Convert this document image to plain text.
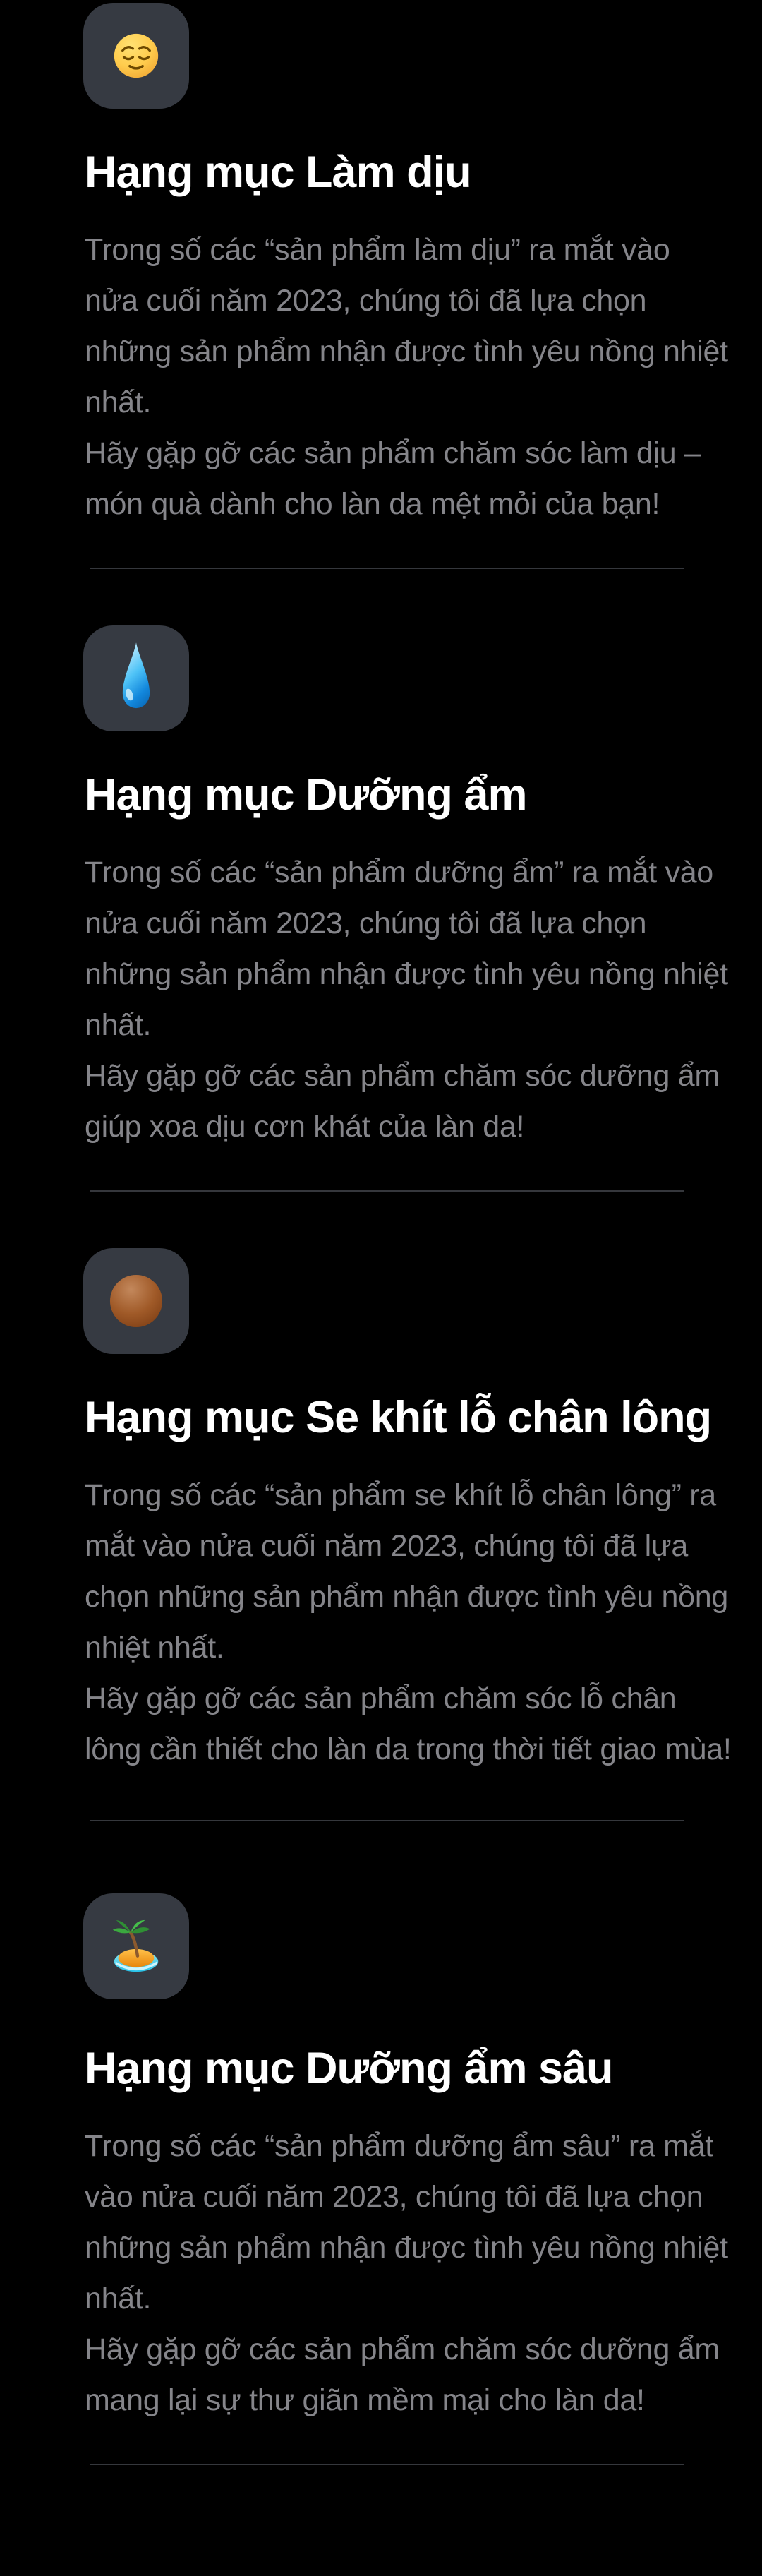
Hạng mục Làm dịu

Trong số các “sản phẩm làm dịu” ra mắt vào
nửa cuối năm 2023, chúng tôi đã lựa chọn
những sản phẩm nhận được tình yêu nồng nhiệt
nhất.
Hãy gặp gỡ các sản phẩm chăm sóc làm dịu –
món quà dành cho làn da mệt mỏi của bạn!

Hạng mục Dưỡng ẩm

Trong số các “sản phẩm dưỡng ẩm” ra mắt vào
nửa cuối năm 2023, chúng tôi đã lựa chọn
những sản phẩm nhận được tình yêu nồng nhiệt
nhất.
Hãy gặp gỡ các sản phẩm chăm sóc dưỡng ẩm
giúp xoa dịu cơn khát của làn da!

Hạng mục Se khít lỗ chân lông

Trong số các “sản phẩm se khít lỗ chân lông” ra
mắt vào nửa cuối năm 2023, chúng tôi đã lựa
chọn những sản phẩm nhận được tình yêu nồng
nhiệt nhất.
Hãy gặp gỡ các sản phẩm chăm sóc lỗ chân
lông cần thiết cho làn da trong thời tiết giao mùa!

Hạng mục Dưỡng ẩm sâu

Trong số các “sản phẩm dưỡng ẩm sâu” ra mắt
vào nửa cuối năm 2023, chúng tôi đã lựa chọn
những sản phẩm nhận được tình yêu nồng nhiệt
nhất.
Hãy gặp gỡ các sản phẩm chăm sóc dưỡng ẩm
mang lại sự thư giãn mềm mại cho làn da!
